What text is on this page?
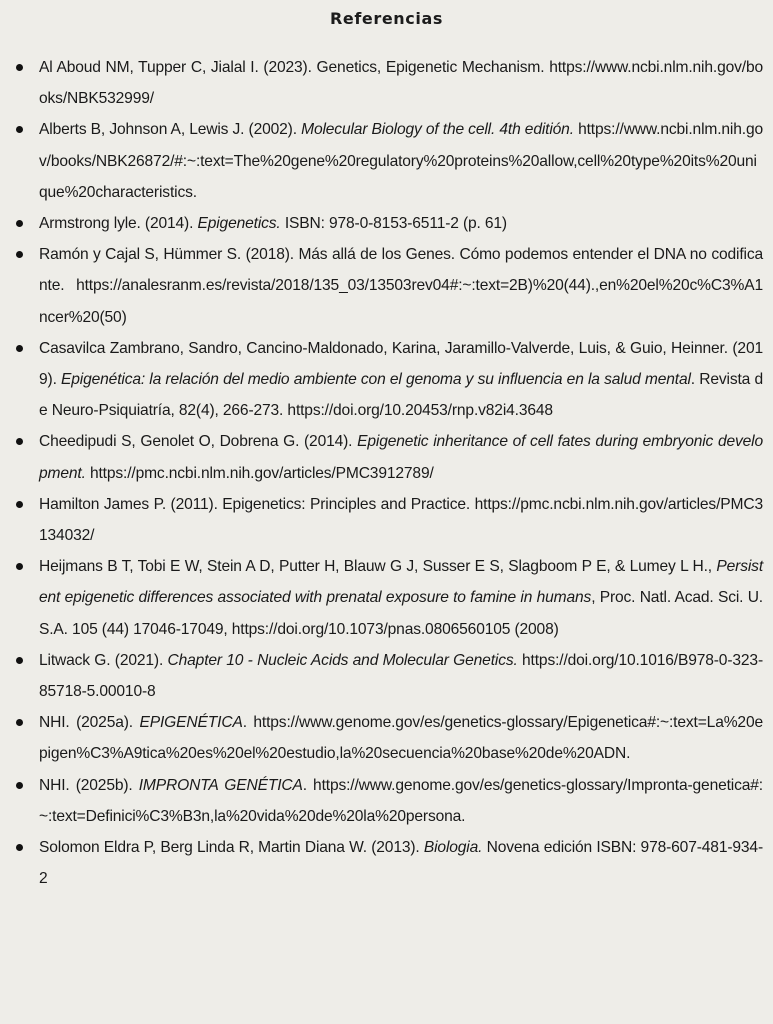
Referencias
Al Aboud NM, Tupper C, Jialal I. (2023). Genetics, Epigenetic Mechanism. https://www.ncbi.nlm.nih.gov/books/NBK532999/
Alberts B, Johnson A, Lewis J. (2002). Molecular Biology of the cell. 4th editión. https://www.ncbi.nlm.nih.gov/books/NBK26872/#:~:text=The%20gene%20regulatory%20proteins%20allow,cell%20type%20its%20unique%20characteristics.
Armstrong lyle. (2014). Epigenetics. ISBN: 978-0-8153-6511-2 (p. 61)
Ramón y Cajal S, Hümmer S. (2018). Más allá de los Genes. Cómo podemos entender el DNA no codificante. https://analesranm.es/revista/2018/135_03/13503rev04#:~:text=2B)%20(44).,en%20el%20c%C3%A1ncer%20(50)
Casavilca Zambrano, Sandro, Cancino-Maldonado, Karina, Jaramillo-Valverde, Luis, & Guio, Heinner. (2019). Epigenética: la relación del medio ambiente con el genoma y su influencia en la salud mental. Revista de Neuro-Psiquiatría, 82(4), 266-273. https://doi.org/10.20453/rnp.v82i4.3648
Cheedipudi S, Genolet O, Dobrena G. (2014). Epigenetic inheritance of cell fates during embryonic development. https://pmc.ncbi.nlm.nih.gov/articles/PMC3912789/
Hamilton James P. (2011). Epigenetics: Principles and Practice. https://pmc.ncbi.nlm.nih.gov/articles/PMC3134032/
Heijmans B T, Tobi E W, Stein A D, Putter H, Blauw G J, Susser E S, Slagboom P E, & Lumey L H., Persistent epigenetic differences associated with prenatal exposure to famine in humans, Proc. Natl. Acad. Sci. U.S.A. 105 (44) 17046-17049, https://doi.org/10.1073/pnas.0806560105 (2008)
Litwack G. (2021). Chapter 10 - Nucleic Acids and Molecular Genetics. https://doi.org/10.1016/B978-0-323-85718-5.00010-8
NHI. (2025a). EPIGENÉTICA. https://www.genome.gov/es/genetics-glossary/Epigenetica#:~:text=La%20epigen%C3%A9tica%20es%20el%20estudio,la%20secuencia%20base%20de%20ADN.
NHI. (2025b). IMPRONTA GENÉTICA. https://www.genome.gov/es/genetics-glossary/Impronta-genetica#:~:text=Definici%C3%B3n,la%20vida%20de%20la%20persona.
Solomon Eldra P, Berg Linda R, Martin Diana W. (2013). Biologia. Novena edición ISBN: 978-607-481-934-2
